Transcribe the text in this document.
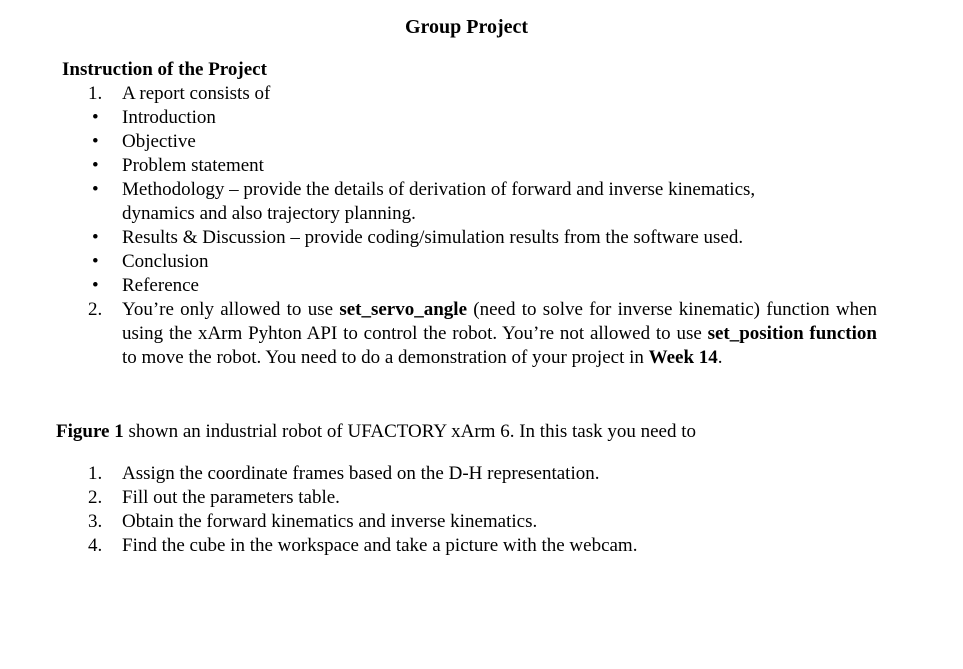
Group Project
Instruction of the Project
1.	A report consists of
•	Introduction
•	Objective
•	Problem statement
•	Methodology – provide the details of derivation of forward and inverse kinematics, dynamics and also trajectory planning.
•	Results & Discussion – provide coding/simulation results from the software used.
•	Conclusion
•	Reference
2.	You’re only allowed to use set_servo_angle (need to solve for inverse kinematic) function when using the xArm Pyhton API to control the robot. You’re not allowed to use set_position function to move the robot. You need to do a demonstration of your project in Week 14.
Figure 1 shown an industrial robot of UFACTORY xArm 6. In this task you need to
1.	Assign the coordinate frames based on the D-H representation.
2.	Fill out the parameters table.
3.	Obtain the forward kinematics and inverse kinematics.
4.	Find the cube in the workspace and take a picture with the webcam.
